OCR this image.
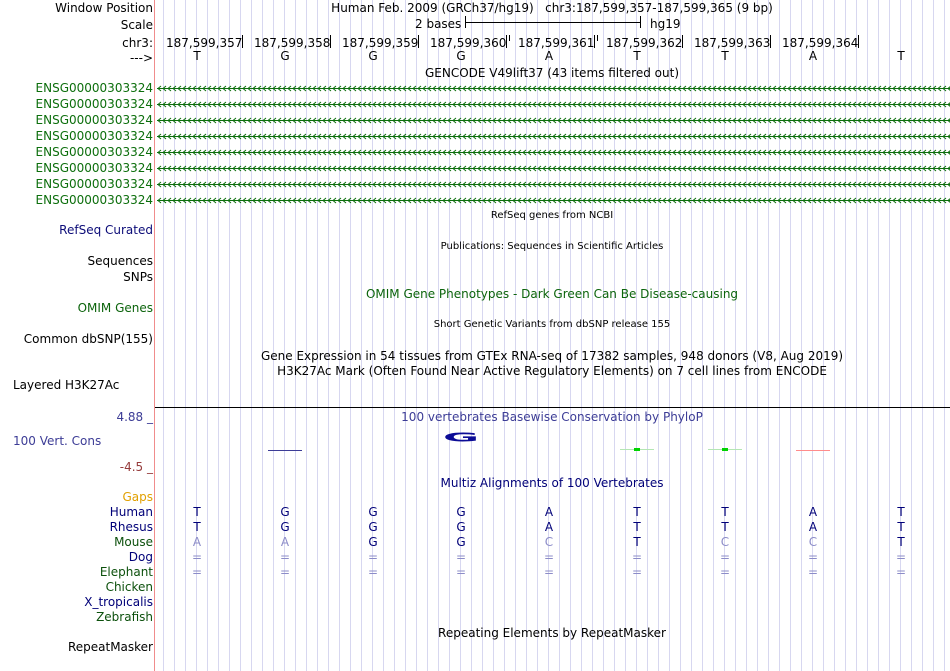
Window Position	Human Feb. 2009 (GRCh37/hg19)   chr3:187,599,357-187,599,365 (9 bp)
Scale	2 bases	hg19
chr3: 187,599,357 187,599,358 187,599,359 187,599,360 187,599,361 187,599,362 187,599,363 187,599,364
--->	T	G	G	G	A	T	T	A	T
GENCODE V49lift37 (43 items filtered out)
ENSG00000303324
ENSG00000303324
ENSG00000303324
ENSG00000303324
ENSG00000303324
ENSG00000303324
ENSG00000303324
ENSG00000303324
RefSeq genes from NCBI
RefSeq Curated
Publications: Sequences in Scientific Articles
Sequences
SNPs
OMIM Gene Phenotypes - Dark Green Can Be Disease-causing
OMIM Genes
Short Genetic Variants from dbSNP release 155
Common dbSNP(155)
Gene Expression in 54 tissues from GTEx RNA-seq of 17382 samples, 948 donors (V8, Aug 2019)
H3K27Ac Mark (Often Found Near Active Regulatory Elements) on 7 cell lines from ENCODE
Layered H3K27Ac
100 vertebrates Basewise Conservation by PhyloP
4.88 _
100 Vert. Cons
-4.5 _
G
Multiz Alignments of 100 Vertebrates
Gaps
Human	T	G	G	G	A	T	T	A	T
Rhesus	T	G	G	G	A	T	T	A	T
Mouse	A	A	G	G	C	T	C	C	T
Dog	=	=	=	=	=	=	=	=	=
Elephant	=	=	=	=	=	=	=	=	=
Chicken
X_tropicalis
Zebrafish
Repeating Elements by RepeatMasker
RepeatMasker
